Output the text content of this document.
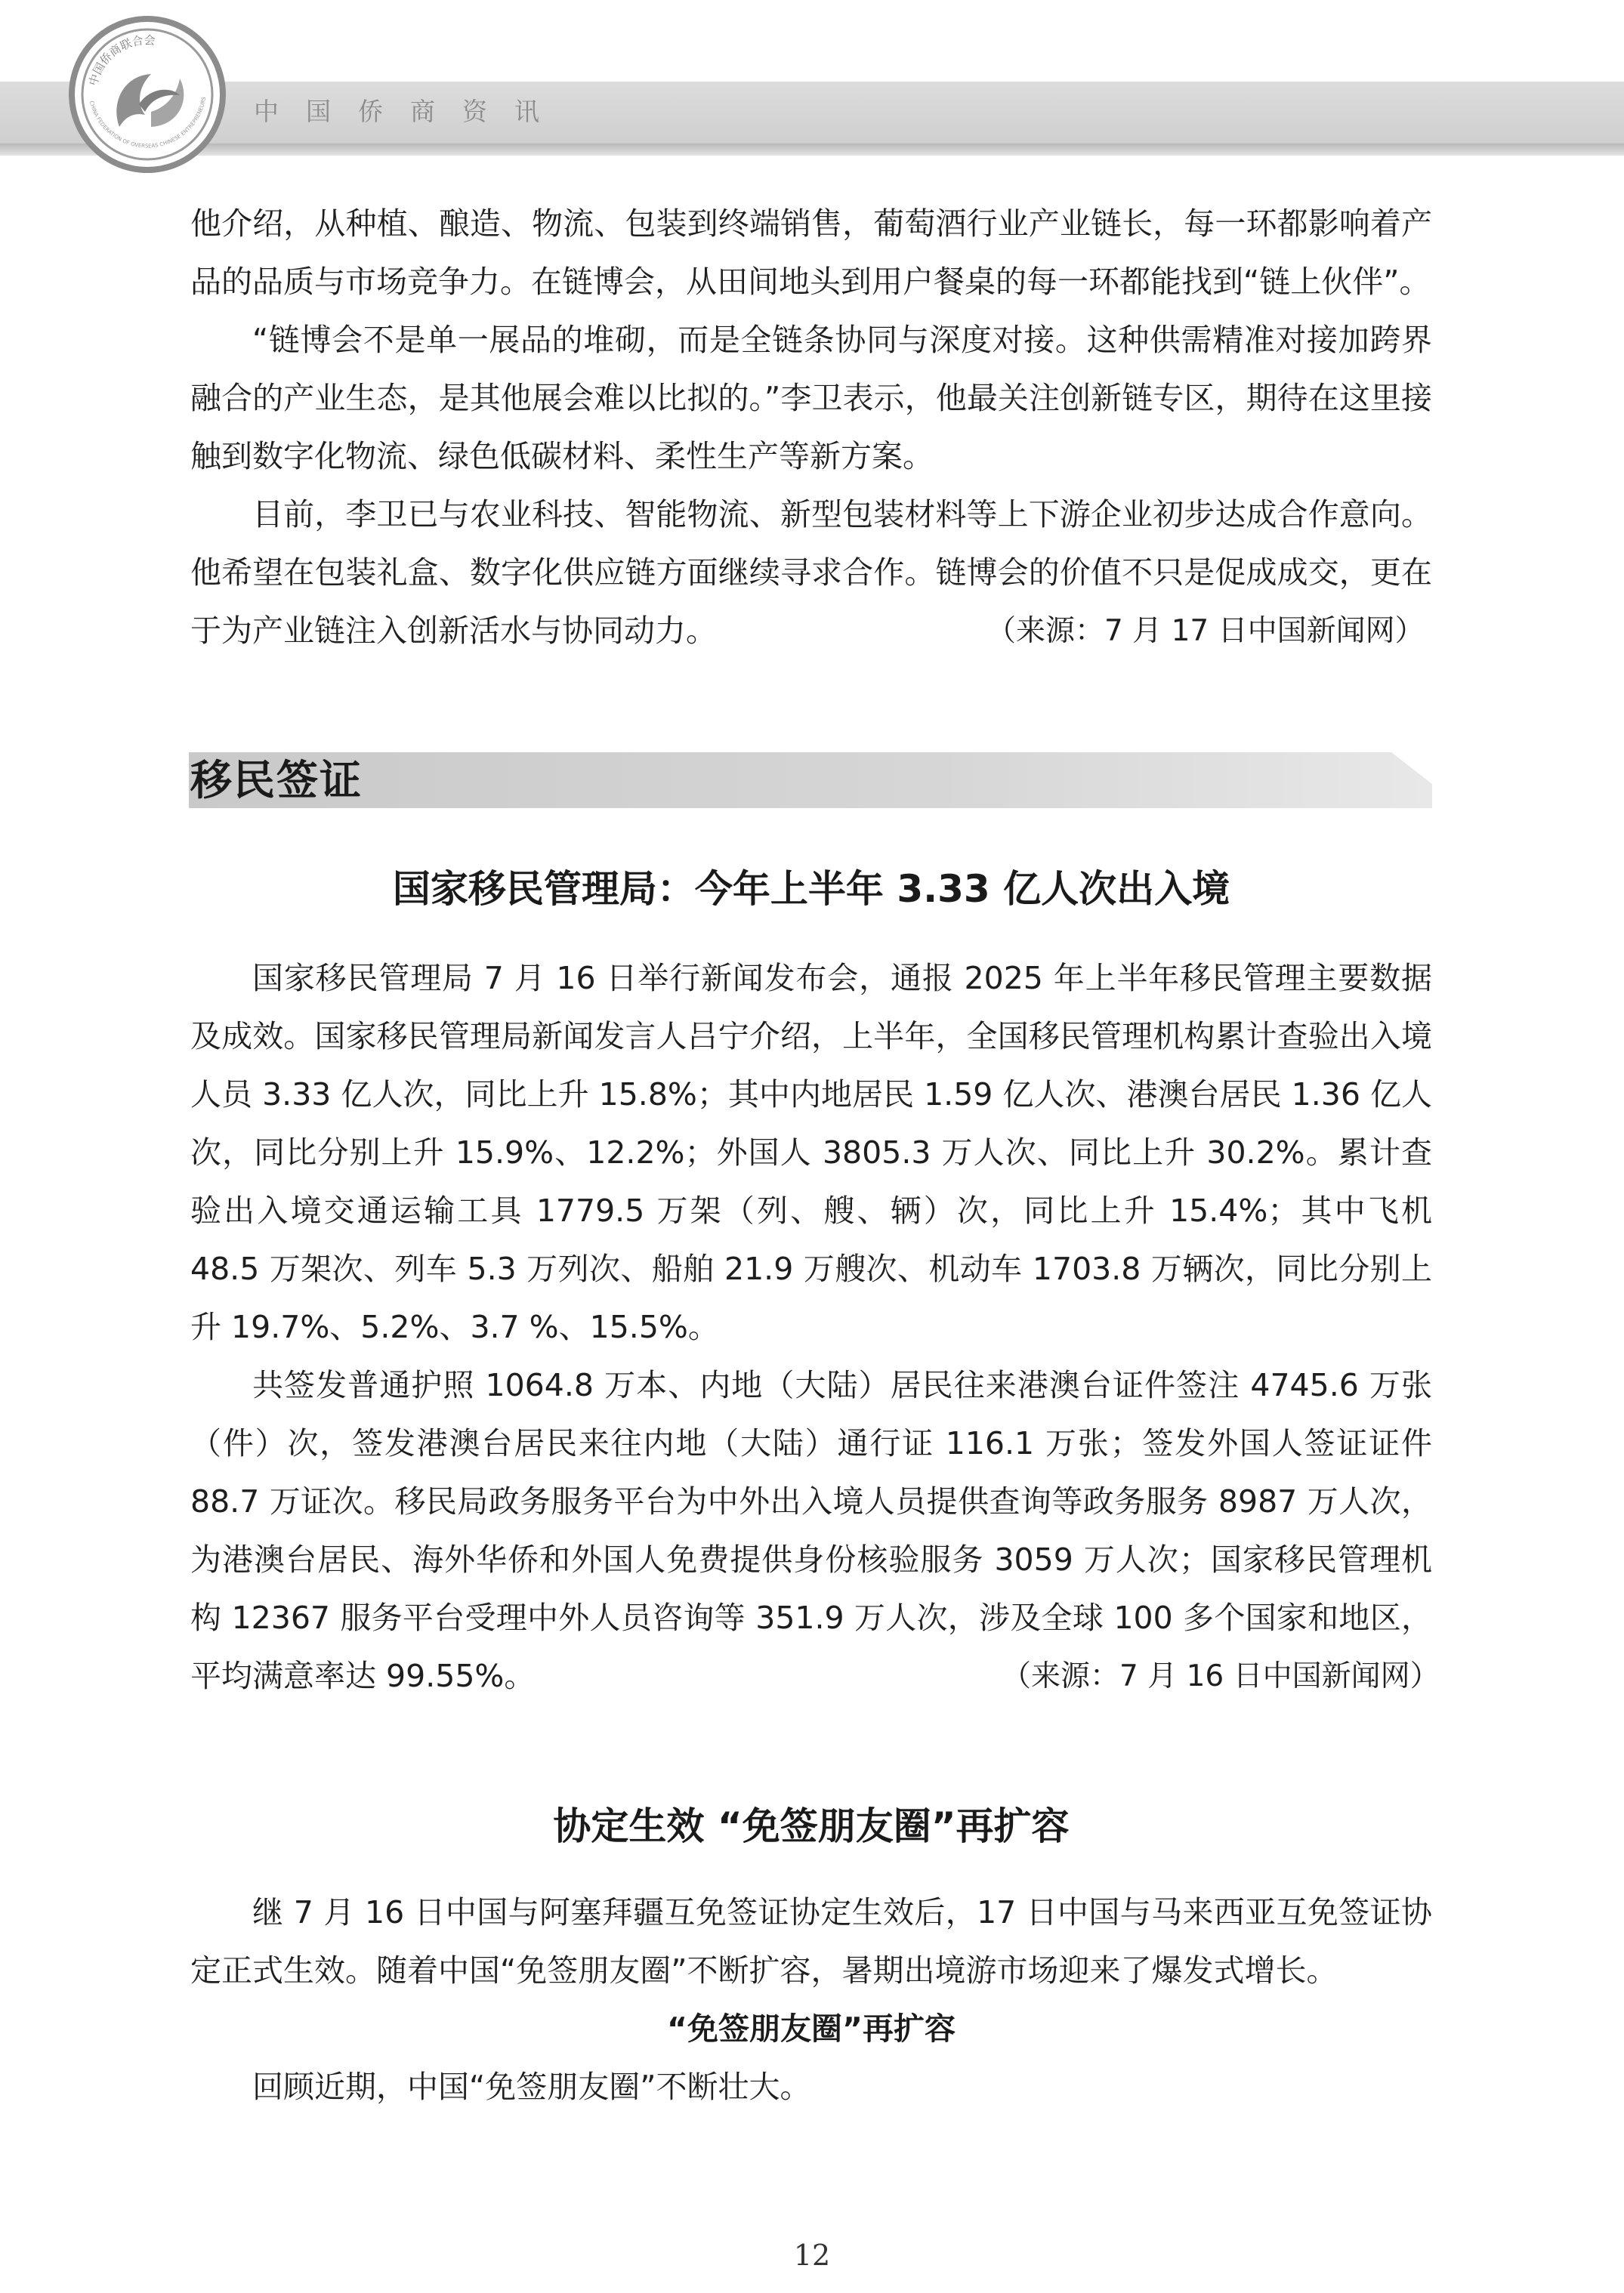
中国侨商资讯
中国侨商联合会
CHINA FEDERATION OF OVERSEAS CHINESE ENTREPRENEURS
他介绍，从种植、酿造、物流、包装到终端销售，葡萄酒行业产业链长，每一环都影响着产品的品质与市场竞争力。在链博会，从田间地头到用户餐桌的每一环都能找到“链上伙伴”。
“链博会不是单一展品的堆砌，而是全链条协同与深度对接。这种供需精准对接加跨界融合的产业生态，是其他展会难以比拟的。”李卫表示，他最关注创新链专区，期待在这里接触到数字化物流、绿色低碳材料、柔性生产等新方案。
目前，李卫已与农业科技、智能物流、新型包装材料等上下游企业初步达成合作意向。他希望在包装礼盒、数字化供应链方面继续寻求合作。链博会的价值不只是促成成交，更在于为产业链注入创新活水与协同动力。	（来源：7 月 17 日中国新闻网）
移民签证
国家移民管理局：今年上半年 3.33 亿人次出入境
国家移民管理局 7 月 16 日举行新闻发布会，通报 2025 年上半年移民管理主要数据及成效。国家移民管理局新闻发言人吕宁介绍，上半年，全国移民管理机构累计查验出入境人员 3.33 亿人次，同比上升 15.8%；其中内地居民 1.59 亿人次、港澳台居民 1.36 亿人次，同比分别上升 15.9%、12.2%；外国人 3805.3 万人次、同比上升 30.2%。累计查验出入境交通运输工具 1779.5 万架（列、艘、辆）次，同比上升 15.4%；其中飞机 48.5 万架次、列车 5.3 万列次、船舶 21.9 万艘次、机动车 1703.8 万辆次，同比分别上升 19.7%、5.2%、3.7 %、15.5%。
共签发普通护照 1064.8 万本、内地（大陆）居民往来港澳台证件签注 4745.6 万张（件）次，签发港澳台居民来往内地（大陆）通行证 116.1 万张；签发外国人签证证件 88.7 万证次。移民局政务服务平台为中外出入境人员提供查询等政务服务 8987 万人次，为港澳台居民、海外华侨和外国人免费提供身份核验服务 3059 万人次；国家移民管理机构 12367 服务平台受理中外人员咨询等 351.9 万人次，涉及全球 100 多个国家和地区，平均满意率达 99.55%。	（来源：7 月 16 日中国新闻网）
协定生效 “免签朋友圈”再扩容
继 7 月 16 日中国与阿塞拜疆互免签证协定生效后，17 日中国与马来西亚互免签证协定正式生效。随着中国“免签朋友圈”不断扩容，暑期出境游市场迎来了爆发式增长。
“免签朋友圈”再扩容
回顾近期，中国“免签朋友圈”不断壮大。
12
